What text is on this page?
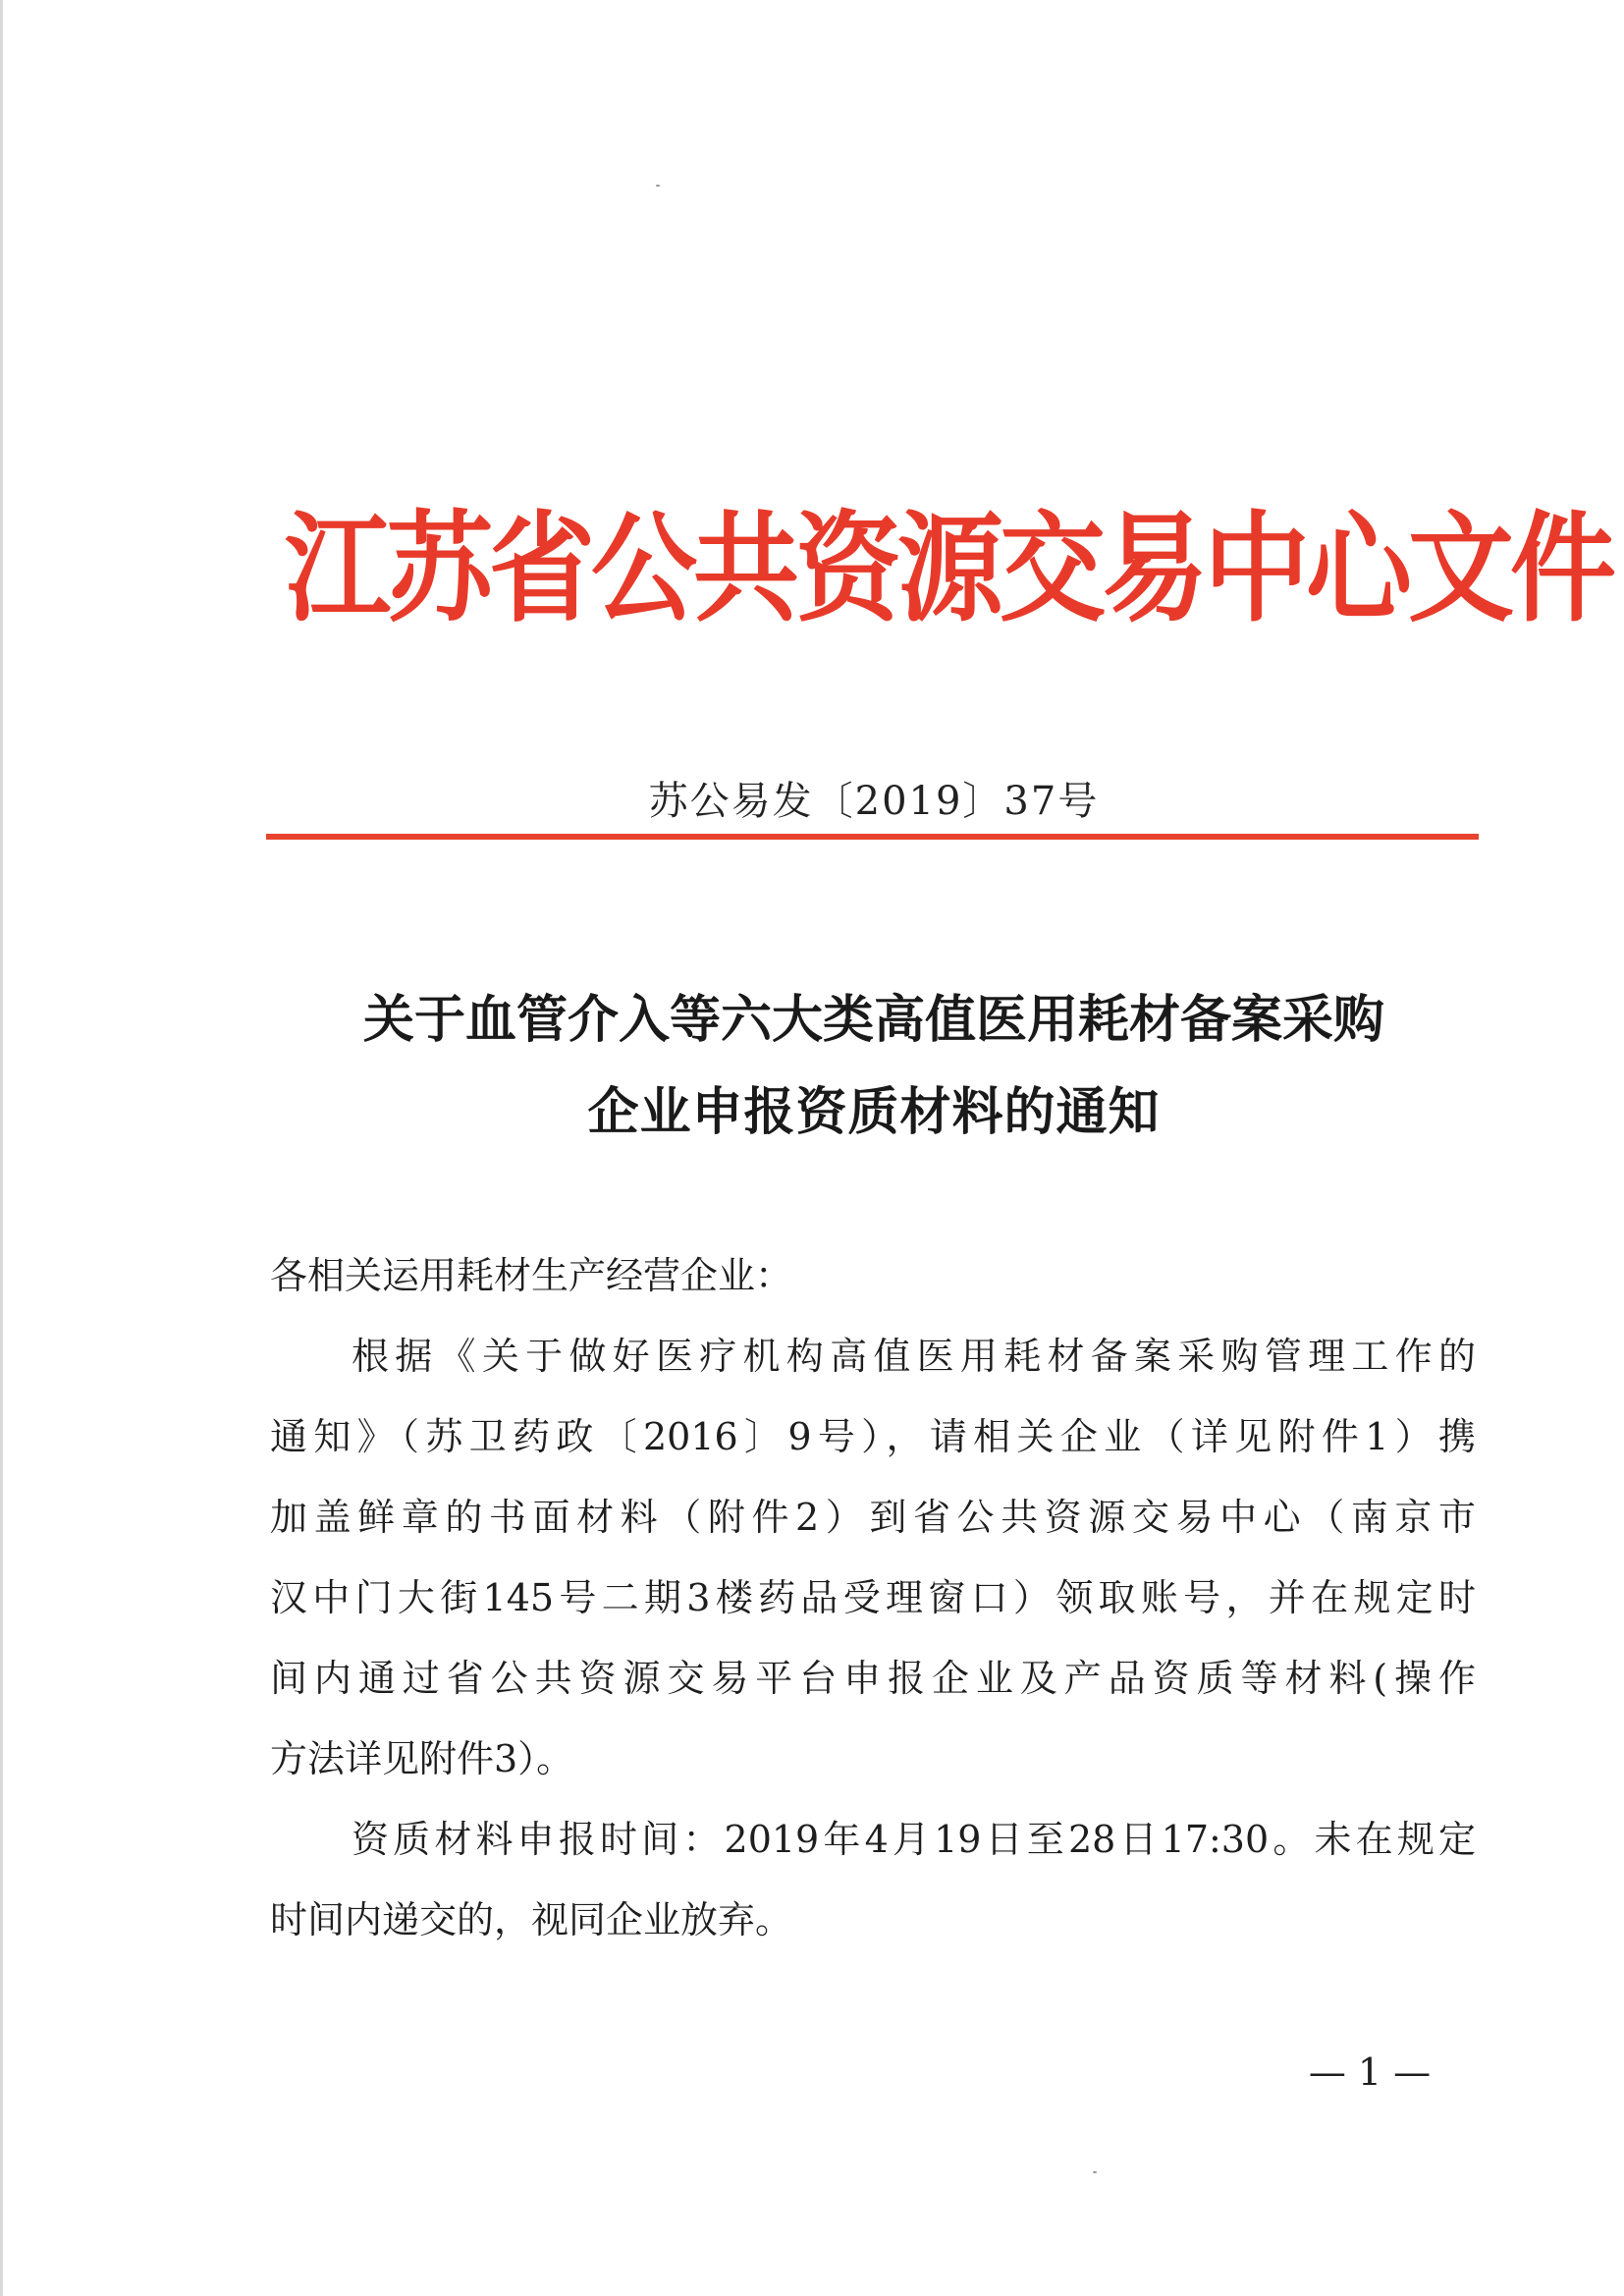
江苏省公共资源交易中心文件
苏公易发〔2019〕37号
关于血管介入等六大类高值医用耗材备案采购
企业申报资质材料的通知
各相关运用耗材生产经营企业：
根据《关于做好医疗机构高值医用耗材备案采购管理工作的
通知》（苏卫药政〔2016〕9号），请相关企业（详见附件1）携
加盖鲜章的书面材料（附件2）到省公共资源交易中心（南京市
汉中门大街145号二期3楼药品受理窗口）领取账号，并在规定时
间内通过省公共资源交易平台申报企业及产品资质等材料(操作
方法详见附件3）。
资质材料申报时间：2019年4月19日至28日17:30。未在规定
时间内递交的，视同企业放弃。
— 1 —
